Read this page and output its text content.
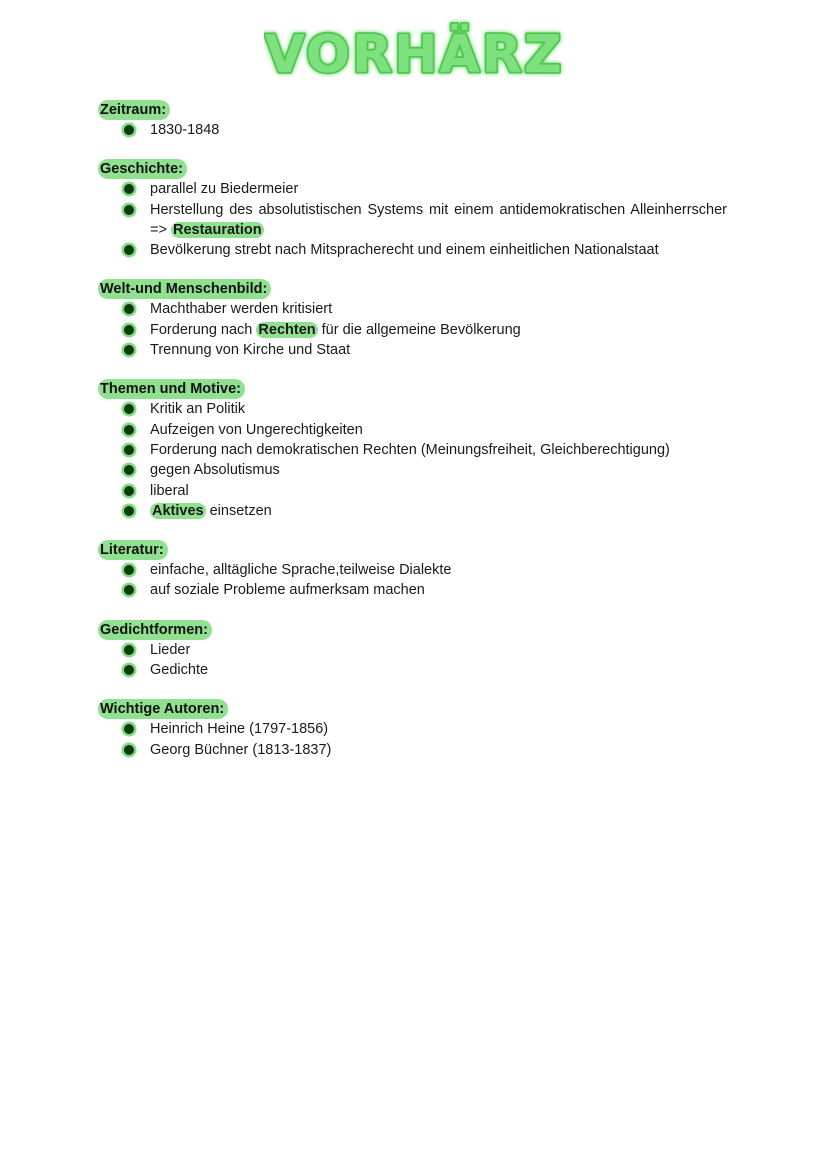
VORHÄRZ
Zeitraum:
1830-1848
Geschichte:
parallel zu Biedermeier
Herstellung des absolutistischen Systems mit einem antidemokratischen Alleinherrscher => Restauration
Bevölkerung strebt nach Mitspracherecht und einem einheitlichen Nationalstaat
Welt-und Menschenbild:
Machthaber werden kritisiert
Forderung nach Rechten für die allgemeine Bevölkerung
Trennung von Kirche und Staat
Themen und Motive:
Kritik an Politik
Aufzeigen von Ungerechtigkeiten
Forderung nach demokratischen Rechten (Meinungsfreiheit, Gleichberechtigung)
gegen Absolutismus
liberal
Aktives einsetzen
Literatur:
einfache, alltägliche Sprache,teilweise Dialekte
auf soziale Probleme aufmerksam machen
Gedichtformen:
Lieder
Gedichte
Wichtige Autoren:
Heinrich Heine (1797-1856)
Georg Büchner (1813-1837)
